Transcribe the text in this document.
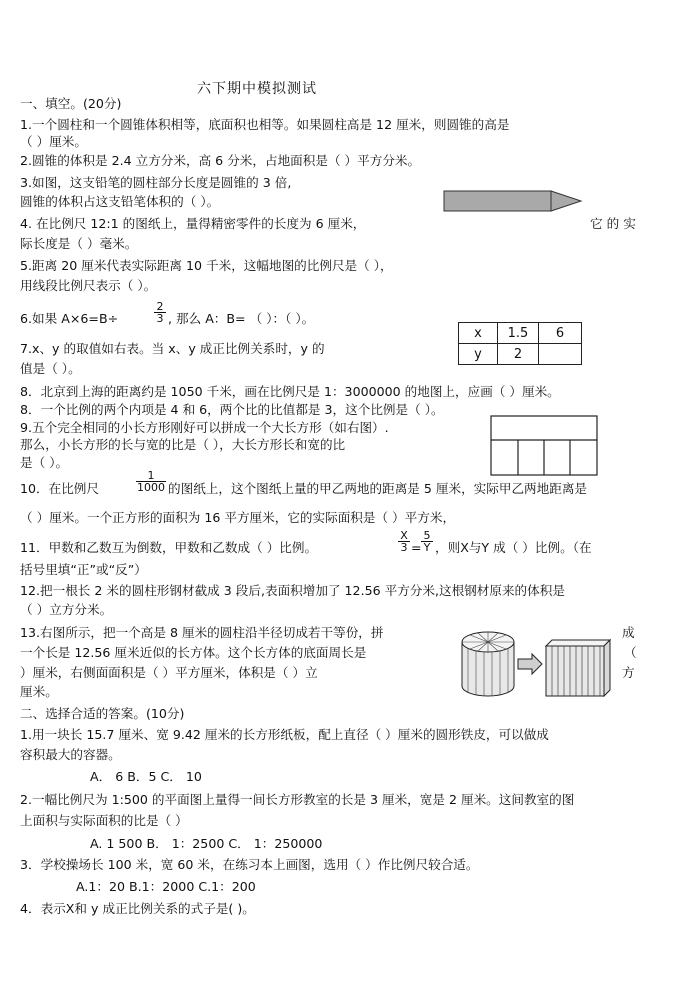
六下期中模拟测试
一、填空。(20分)
1.一个圆柱和一个圆锥体积相等，底面积也相等。如果圆柱高是 12 厘米，则圆锥的高是
（ ）厘米。
2.圆锥的体积是 2.4 立方分米，高 6 分米，占地面积是（ ）平方分米。
3.如图，这支铅笔的圆柱部分长度是圆锥的 3 倍,
圆锥的体积占这支铅笔体积的（ ）。
4. 在比例尺 12:1 的图纸上，量得精密零件的长度为 6 厘米，	它 的 实
际长度是（ ）毫米。
5.距离 20 厘米代表实际距离 10 千米，这幅地图的比例尺是（ ），
用线段比例尺表示（ ）。
6.如果 A×6=B÷	$\frac{2}{3}$ , 那么 A：B= （ ）：（ ）。
7.x、y 的取值如右表。当 x、y 成正比例关系时，y 的
值是（ ）。
x	1.5	6
y	2	
8．北京到上海的距离约是 1050 千米，画在比例尺是 1：3000000 的地图上，应画（ ）厘米。
8．一个比例的两个内项是 4 和 6，两个比的比值都是 3，这个比例是（ ）。
9.五个完全相同的小长方形刚好可以拼成一个大长方形（如右图）.
那么，小长方形的长与宽的比是（ ），大长方形长和宽的比
是（ ）。
10．在比例尺	$\frac{1}{1000}$ 的图纸上，这个图纸上量的甲乙两地的距离是 5 厘米，实际甲乙两地距离是
（ ）厘米。一个正方形的面积为 16 平方厘米，它的实际面积是（ ）平方米，
11．甲数和乙数互为倒数，甲数和乙数成（ ）比例。	$\frac{X}{3} = \frac{5}{Y}$ ，则X与Y 成（ ）比例。（在
括号里填“正”或“反”）
12.把一根长 2 米的圆柱形钢材截成 3 段后,表面积增加了 12.56 平方分米,这根钢材原来的体积是
（ ）立方分米。
13.右图所示，把一个高是 8 厘米的圆柱沿半径切成若干等份，拼
一个长是 12.56 厘米近似的长方体。这个长方体的底面周长是
）厘米，右侧面面积是（ ）平方厘米，体积是（ ）立
厘米。
成
（
方
二、选择合适的答案。(10分)
1.用一块长 15.7 厘米、宽 9.42 厘米的长方形纸板，配上直径（ ）厘米的圆形铁皮，可以做成
容积最大的容器。
A． 6 B．5 C． 10
2.一幅比例尺为 1:500 的平面图上量得一间长方形教室的长是 3 厘米，宽是 2 厘米。这间教室的图
上面积与实际面积的比是（ ）
A. 1 500 B． 1：2500 C． 1：250000
3．学校操场长 100 米，宽 60 米，在练习本上画图，选用（ ）作比例尺较合适。
A.1：20 B.1：2000 C.1：200
4．表示X和 y 成正比例关系的式子是( )。
